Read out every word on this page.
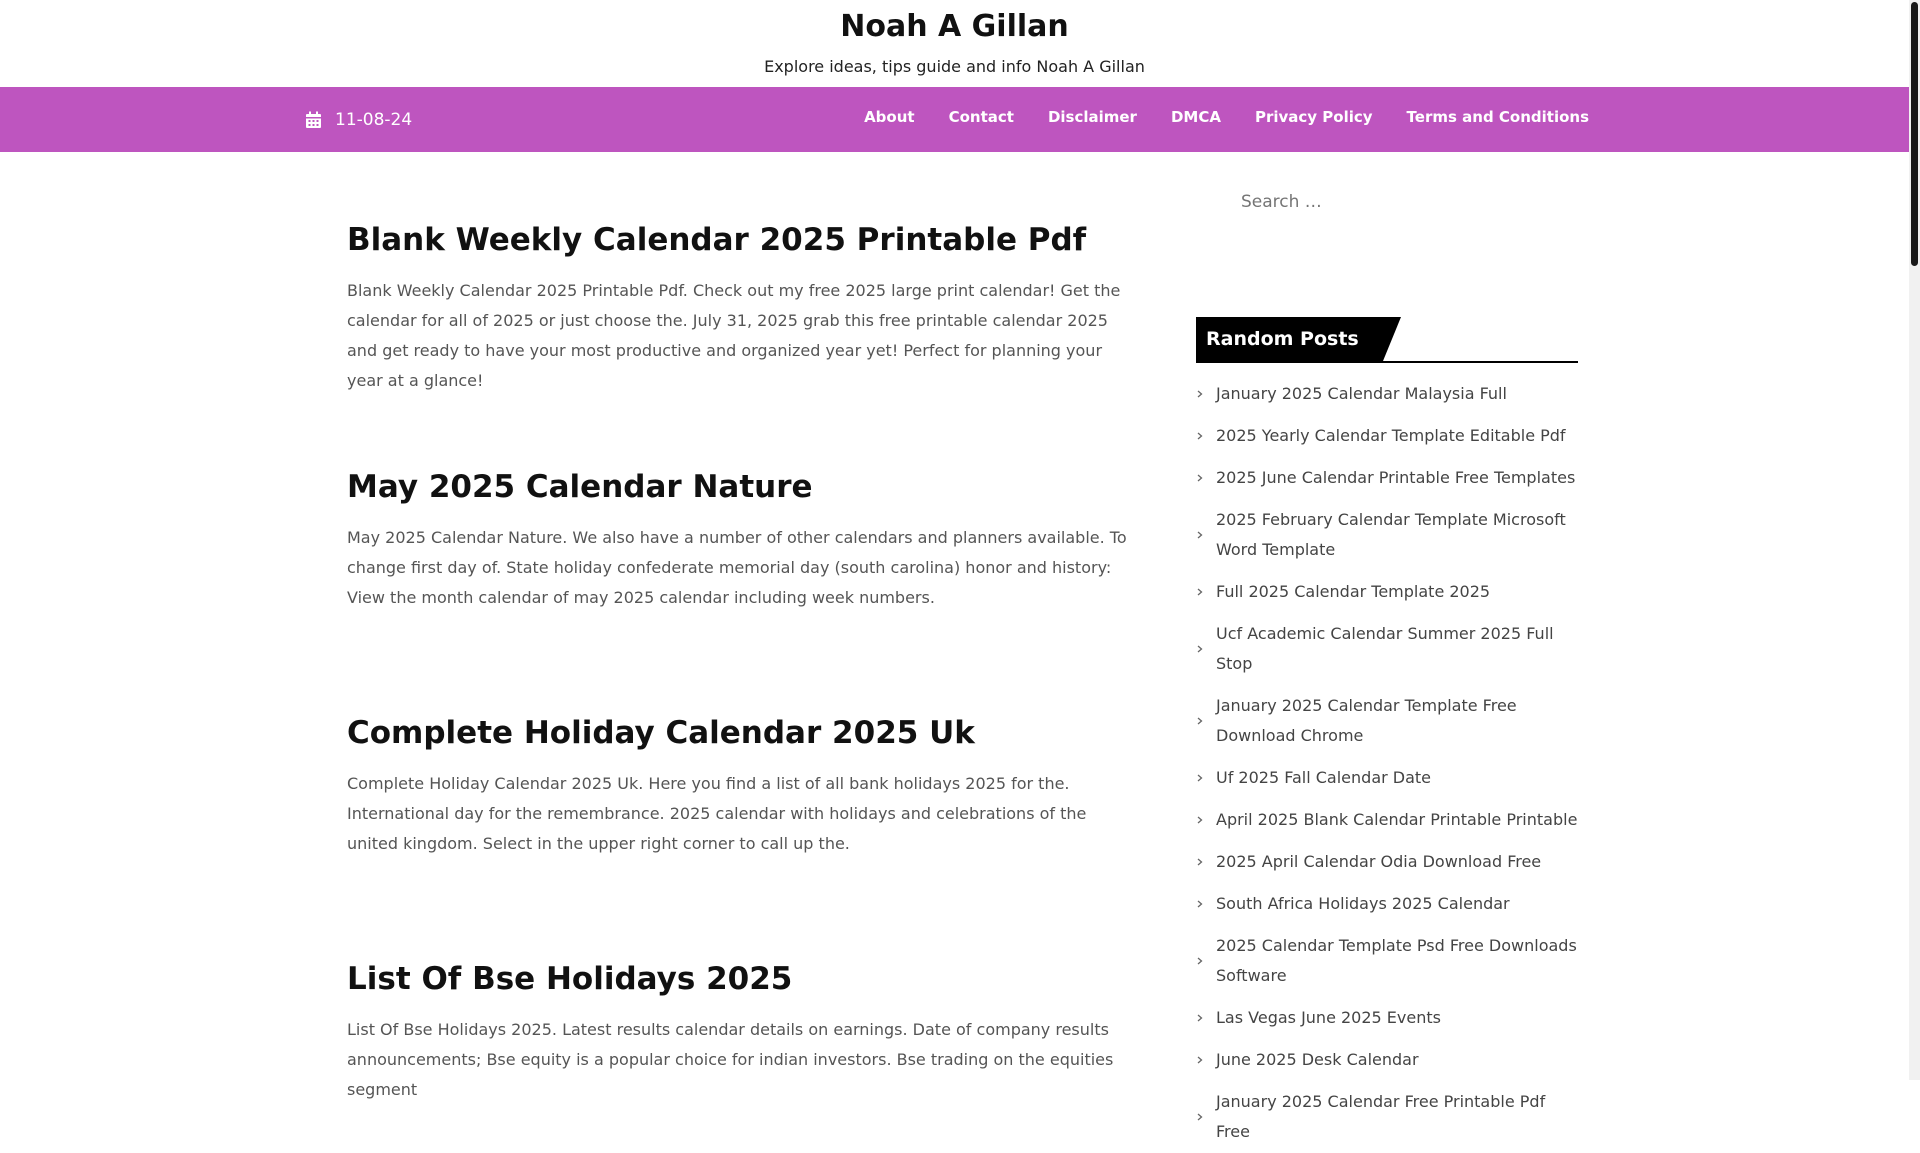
Noah A Gillan
Explore ideas, tips guide and info Noah A Gillan
11-08-24	About Contact Disclaimer DMCA Privacy Policy Terms and Conditions
Blank Weekly Calendar 2025 Printable Pdf

Blank Weekly Calendar 2025 Printable Pdf. Check out my free 2025 large print calendar! Get the calendar for all of 2025 or just choose the. July 31, 2025 grab this free printable calendar 2025 and get ready to have your most productive and organized year yet! Perfect for planning your year at a glance!

May 2025 Calendar Nature

May 2025 Calendar Nature. We also have a number of other calendars and planners available. To change first day of. State holiday confederate memorial day (south carolina) honor and history: View the month calendar of may 2025 calendar including week numbers.

Complete Holiday Calendar 2025 Uk

Complete Holiday Calendar 2025 Uk. Here you find a list of all bank holidays 2025 for the. International day for the remembrance. 2025 calendar with holidays and celebrations of the united kingdom. Select in the upper right corner to call up the.

List Of Bse Holidays 2025

List Of Bse Holidays 2025. Latest results calendar details on earnings. Date of company results announcements; Bse equity is a popular choice for indian investors. Bse trading on the equities segment

Search …
Random Posts
January 2025 Calendar Malaysia Full
2025 Yearly Calendar Template Editable Pdf
2025 June Calendar Printable Free Templates
2025 February Calendar Template Microsoft Word Template
Full 2025 Calendar Template 2025
Ucf Academic Calendar Summer 2025 Full Stop
January 2025 Calendar Template Free Download Chrome
Uf 2025 Fall Calendar Date
April 2025 Blank Calendar Printable Printable
2025 April Calendar Odia Download Free
South Africa Holidays 2025 Calendar
2025 Calendar Template Psd Free Downloads Software
Las Vegas June 2025 Events
June 2025 Desk Calendar
January 2025 Calendar Free Printable Pdf Free
